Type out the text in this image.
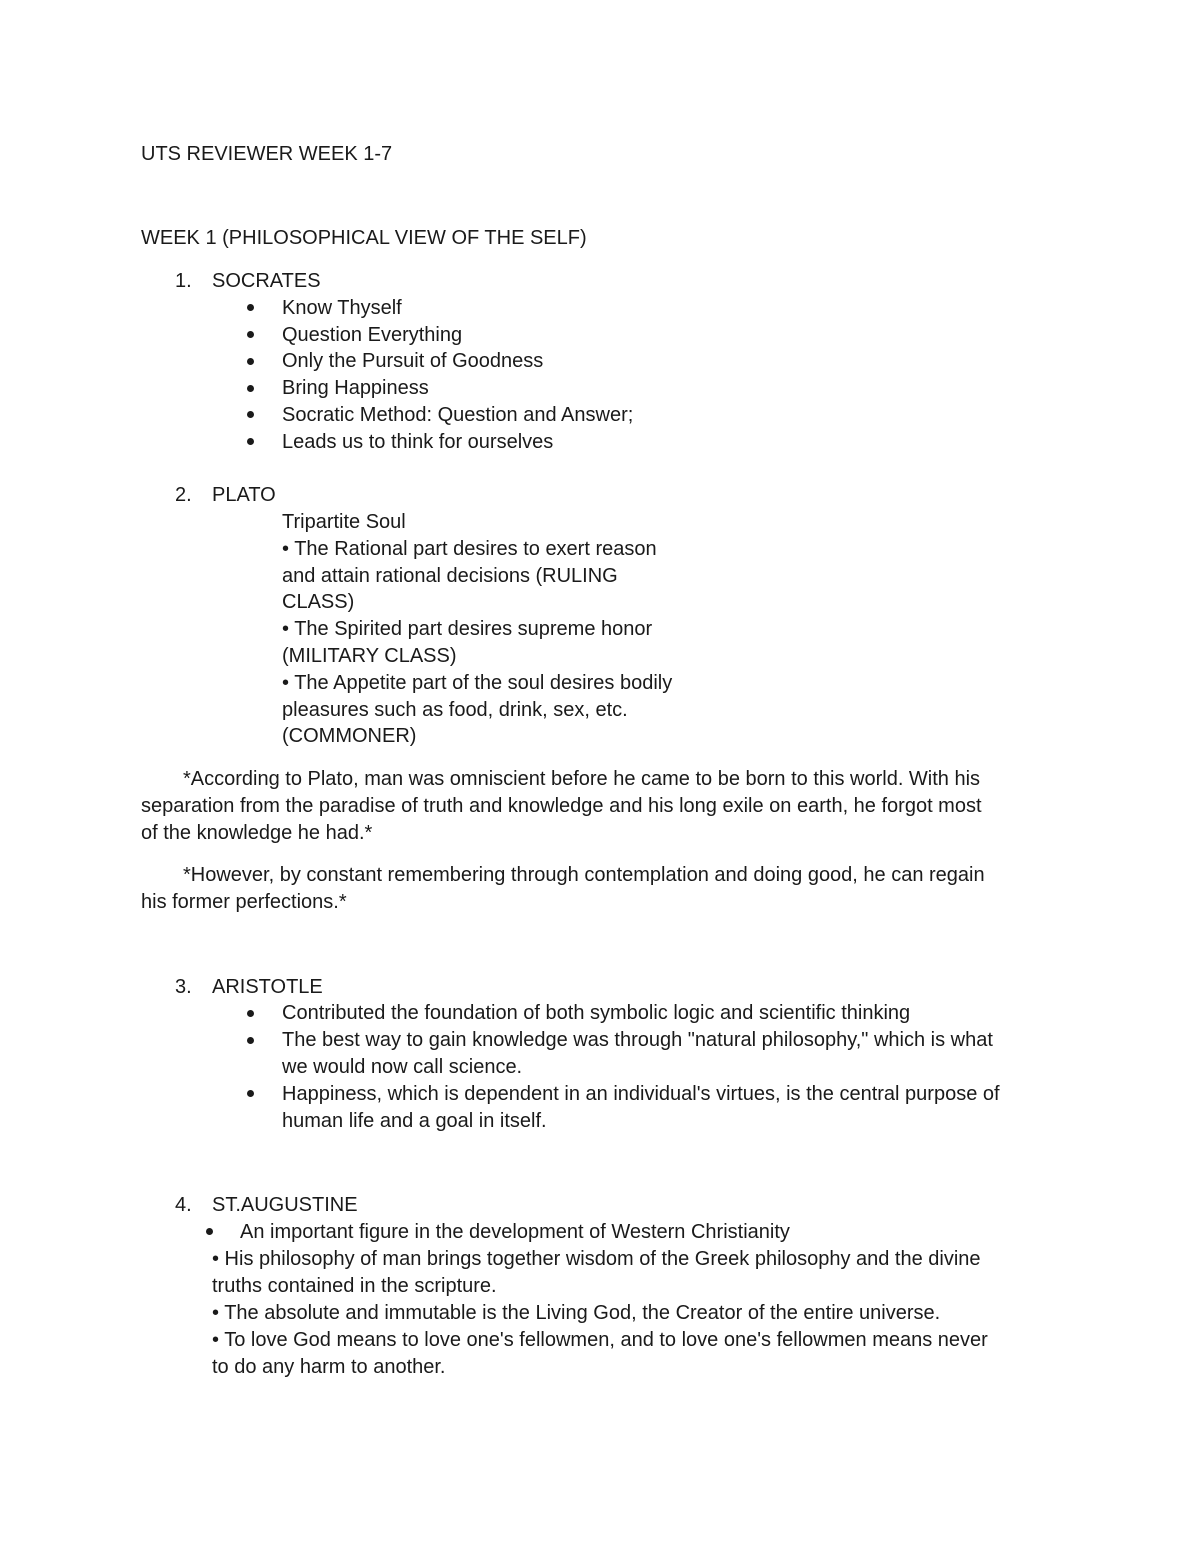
UTS REVIEWER WEEK 1-7
WEEK 1 (PHILOSOPHICAL VIEW OF THE SELF)
1. SOCRATES
Know Thyself
Question Everything
Only the Pursuit of Goodness
Bring Happiness
Socratic Method: Question and Answer;
Leads us to think for ourselves
2. PLATO
Tripartite Soul
• The Rational part desires to exert reason
and attain rational decisions (RULING
CLASS)
• The Spirited part desires supreme honor
(MILITARY CLASS)
• The Appetite part of the soul desires bodily
pleasures such as food, drink, sex, etc.
(COMMONER)
*According to Plato, man was omniscient before he came to be born to this world. With his
separation from the paradise of truth and knowledge and his long exile on earth, he forgot most
of the knowledge he had.*
*However, by constant remembering through contemplation and doing good, he can regain
his former perfections.*
3. ARISTOTLE
Contributed the foundation of both symbolic logic and scientific thinking
The best way to gain knowledge was through "natural philosophy," which is what
we would now call science.
Happiness, which is dependent in an individual's virtues, is the central purpose of
human life and a goal in itself.
4. ST.AUGUSTINE
An important figure in the development of Western Christianity
• His philosophy of man brings together wisdom of the Greek philosophy and the divine
truths contained in the scripture.
• The absolute and immutable is the Living God, the Creator of the entire universe.
• To love God means to love one's fellowmen, and to love one's fellowmen means never
to do any harm to another.
